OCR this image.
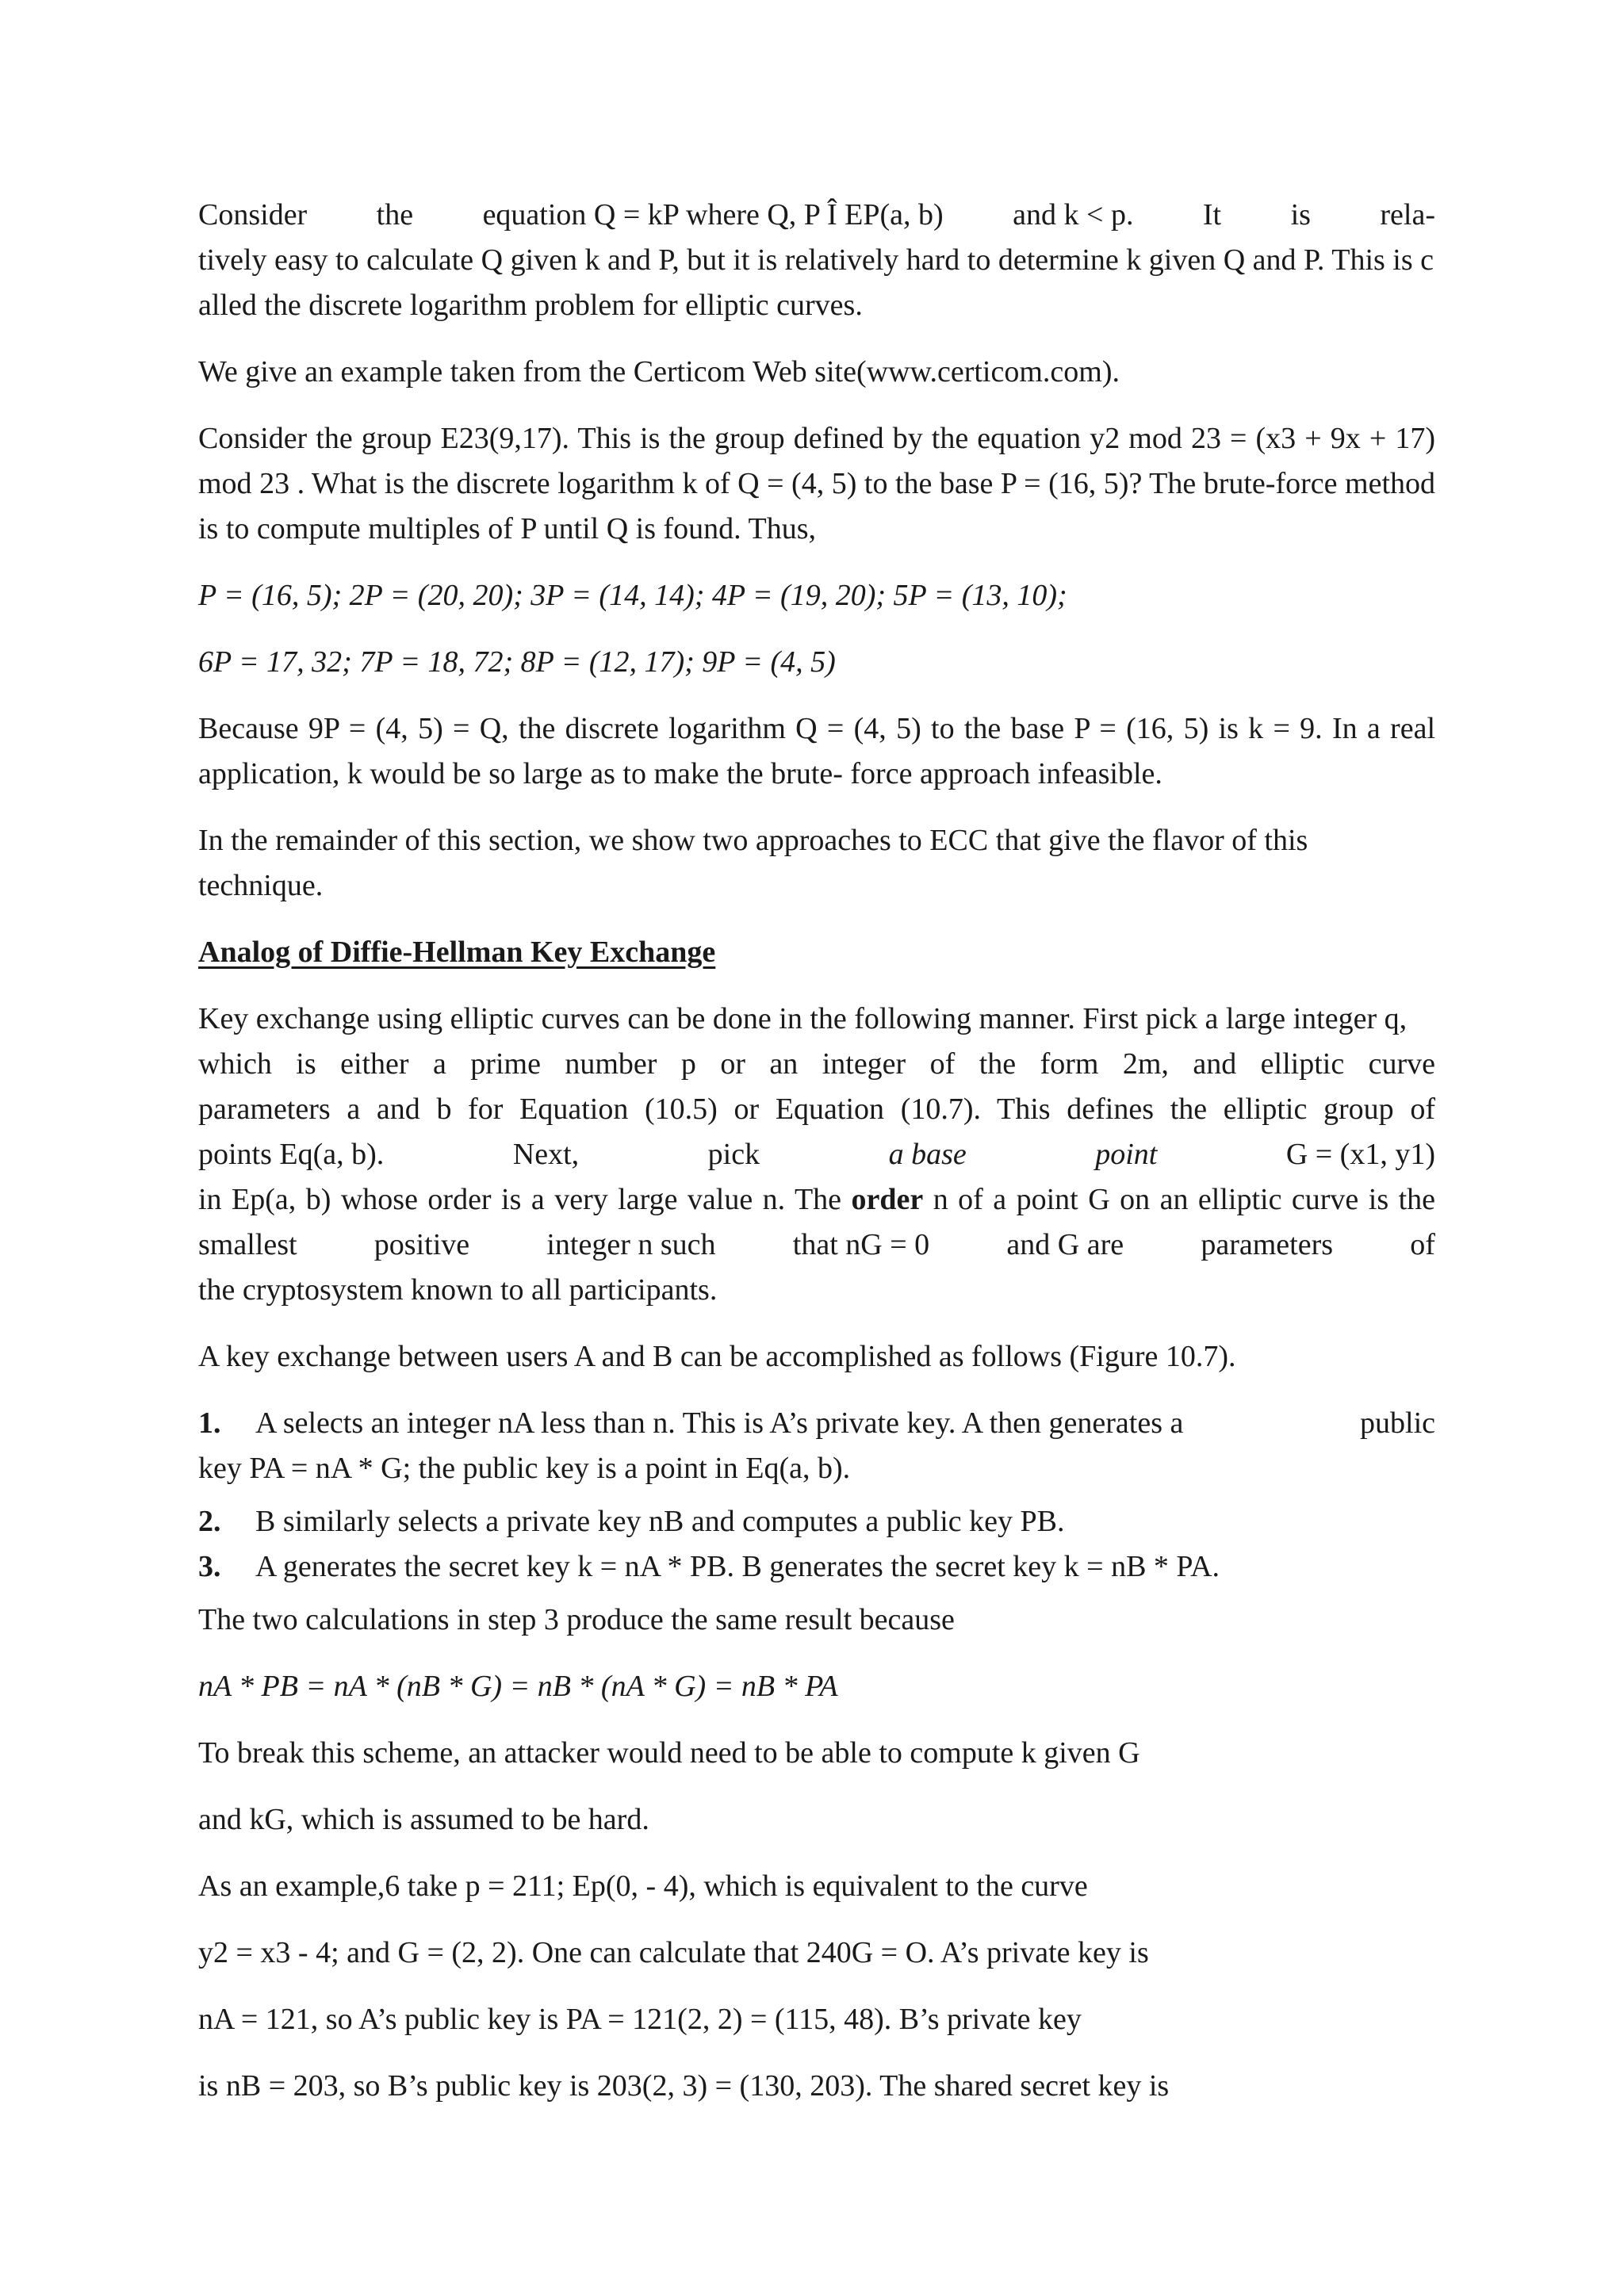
Consider the equation Q = kP where Q, P Î EP(a, b) and k < p. It is rela-

tively easy to calculate Q given k and P, but it is relatively hard to determine k given Q and P. This is c alled the discrete logarithm problem for elliptic curves.

We give an example taken from the Certicom Web site(www.certicom.com).

Consider the group E23(9,17). This is the group defined by the equation y2 mod 23 = (x3 + 9x + 17) mod 23 . What is the discrete logarithm k of Q = (4, 5) to the base P = (16, 5)? The brute-force method is to compute multiples of P until Q is found. Thus,

P = (16, 5); 2P = (20, 20); 3P = (14, 14); 4P = (19, 20); 5P = (13, 10);

6P = 17, 32; 7P = 18, 72; 8P = (12, 17); 9P = (4, 5)

Because 9P = (4, 5) = Q, the discrete logarithm Q = (4, 5) to the base P = (16, 5) is k = 9. In a real application, k would be so large as to make the brute- force approach infeasible.

In the remainder of this section, we show two approaches to ECC that give the flavor of this technique.

Analog of Diffie-Hellman Key Exchange

Key exchange using elliptic curves can be done in the following manner. First pick a large integer q,

which is either a prime number p or an integer of the form 2m, and elliptic curve

parameters a and b for Equation (10.5) or Equation (10.7). This defines the elliptic group of

points Eq(a, b).	Next,	pick	a base	point	G = (x1, y1)

in Ep(a, b) whose order is a very large value n. The order n of a point G on an elliptic curve is the

smallest	positive	integer n such	that nG = 0	and G are	parameters	of

the cryptosystem known to all participants.

A key exchange between users A and B can be accomplished as follows (Figure 10.7).

1. A selects an integer nA less than n. This is A’s private key. A then generates a	public

key PA = nA * G; the public key is a point in Eq(a, b).

2. B similarly selects a private key nB and computes a public key PB.

3. A generates the secret key k = nA * PB. B generates the secret key k = nB * PA.

The two calculations in step 3 produce the same result because

nA * PB = nA * (nB * G) = nB * (nA * G) = nB * PA

To break this scheme, an attacker would need to be able to compute k given G

and kG, which is assumed to be hard.

As an example,6 take p = 211; Ep(0, - 4), which is equivalent to the curve

y2 = x3 - 4; and G = (2, 2). One can calculate that 240G = O. A’s private key is

nA = 121, so A’s public key is PA = 121(2, 2) = (115, 48). B’s private key

is nB = 203, so B’s public key is 203(2, 3) = (130, 203). The shared secret key is
